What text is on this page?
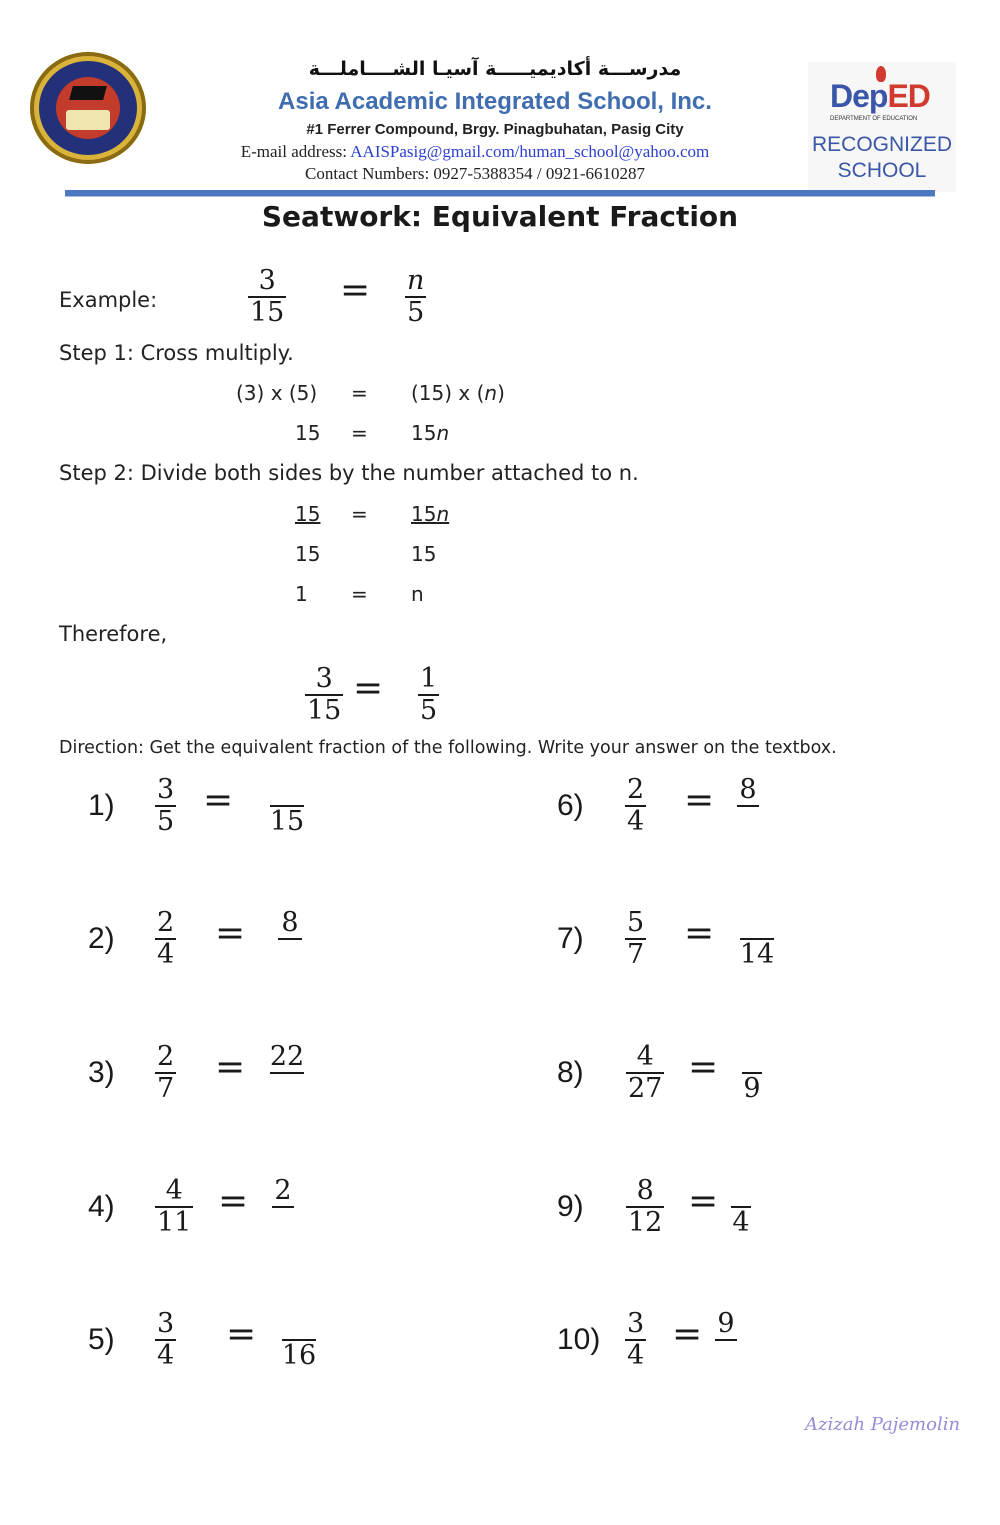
مدرســـة أكاديميـــــة آسيـا الشــــاملـــة
Asia Academic Integrated School, Inc.
#1 Ferrer Compound, Brgy. Pinagbuhatan, Pasig City
E-mail address: AAISPasig@gmail.com/human_school@yahoo.com
Contact Numbers: 0927-5388354 / 0921-6610287
DepED
DEPARTMENT OF EDUCATION
RECOGNIZED
SCHOOL
Seatwork: Equivalent Fraction
Example:
3
15
= n
5
Step 1: Cross multiply.
(3) x (5) = (15) x (n)
15 = 15n
Step 2: Divide both sides by the number attached to n.
15 = 15n
15	15
1 = n
Therefore,
3
15
= 1
5
Direction: Get the equivalent fraction of the following. Write your answer on the textbox.
1) 3
5
=
15
2) 2
4
= 8
3) 2
7
= 22
4) 4
11
= 2
5) 3
4
=
16
6) 2
4
= 8
7) 5
7
=
14
8) 4
27
=
9
9) 8
12
=
4
10) 3
4
= 9
Azizah Pajemolin
